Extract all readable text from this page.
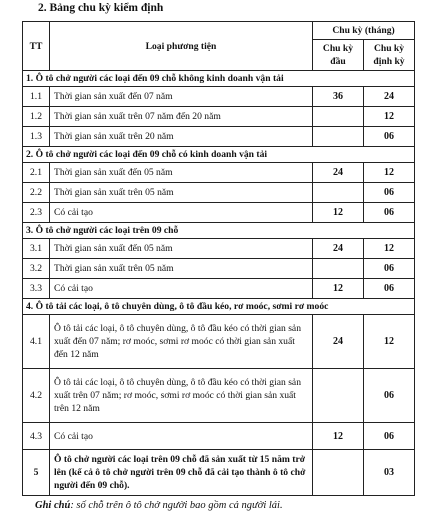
2. Bảng chu kỳ kiểm định
TT	Loại phương tiện	Chu kỳ (tháng)	
		Chu kỳ đầu	Chu kỳ định kỳ
1. Ô tô chở người các loại đến 09 chỗ không kinh doanh vận tải			
1.1	Thời gian sản xuất đến 07 năm	36	24
1.2	Thời gian sản xuất trên 07 năm đến 20 năm		12
1.3	Thời gian sản xuất trên 20 năm		06
2. Ô tô chở người các loại đến 09 chỗ có kinh doanh vận tải			
2.1	Thời gian sản xuất đến 05 năm	24	12
2.2	Thời gian sản xuất trên 05 năm		06
2.3	Có cải tạo	12	06
3. Ô tô chở người các loại trên 09 chỗ			
3.1	Thời gian sản xuất đến 05 năm	24	12
3.2	Thời gian sản xuất trên 05 năm		06
3.3	Có cải tạo	12	06
4. Ô tô tải các loại, ô tô chuyên dùng, ô tô đầu kéo, rơ moóc, sơmi rơ moóc			
4.1	Ô tô tải các loại, ô tô chuyên dùng, ô tô đầu kéo có thời gian sản xuất đến 07 năm; rơ moóc, sơmi rơ moóc có thời gian sản xuất đến 12 năm	24	12
4.2	Ô tô tải các loại, ô tô chuyên dùng, ô tô đầu kéo có thời gian sản xuất trên 07 năm; rơ moóc, sơmi rơ moóc có thời gian sản xuất trên 12 năm		06
4.3	Có cải tạo	12	06
5	Ô tô chở người các loại trên 09 chỗ đã sản xuất từ 15 năm trở lên (kể cả ô tô chở người trên 09 chỗ đã cải tạo thành ô tô chở người đến 09 chỗ).		03
Ghi chú: số chỗ trên ô tô chở người bao gồm cả người lái.
